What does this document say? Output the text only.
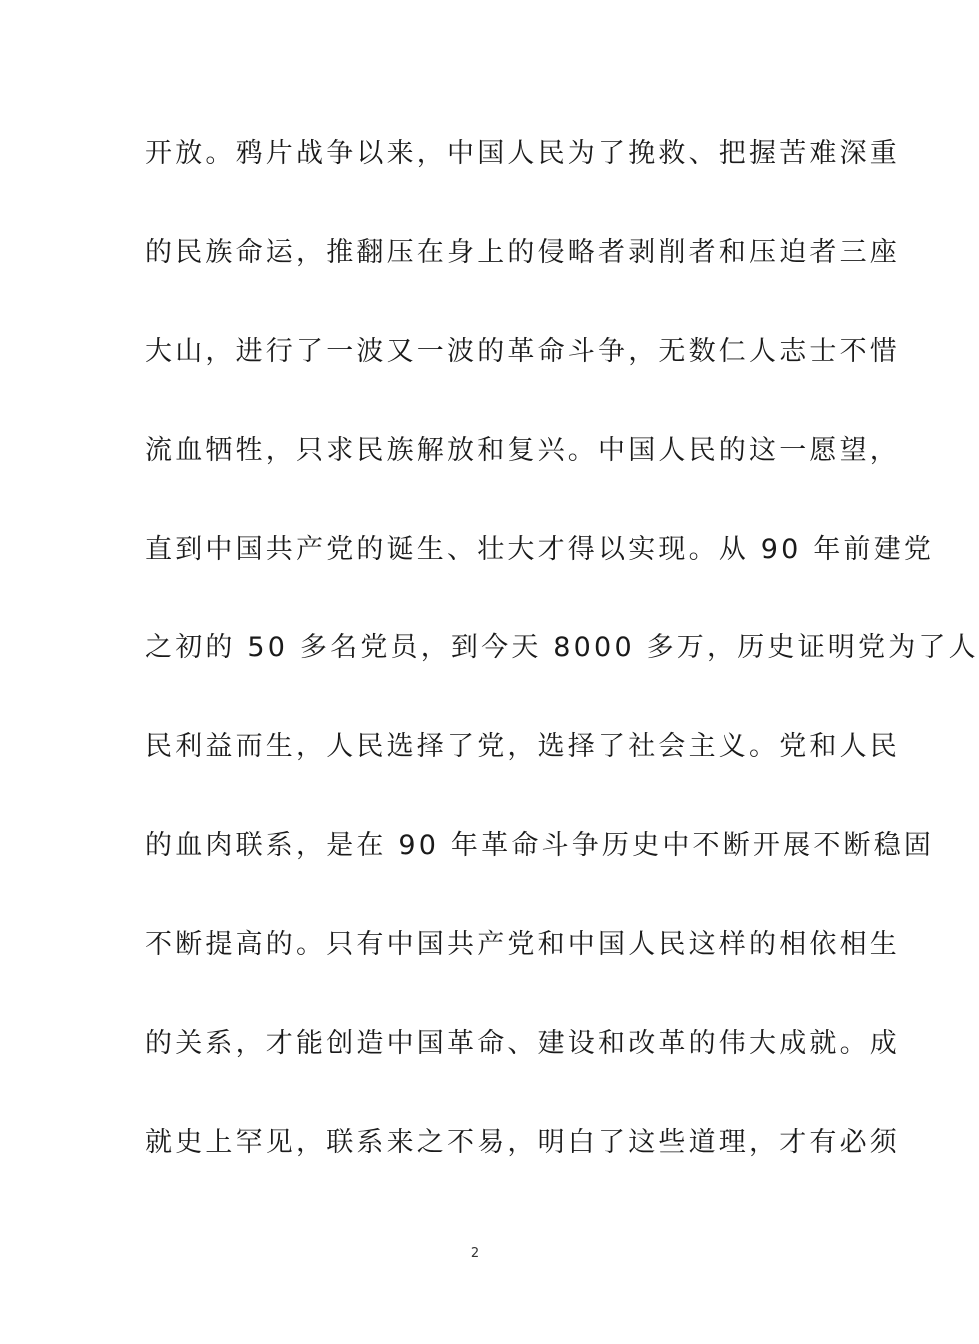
开放。鸦片战争以来，中国人民为了挽救、把握苦难深重
的民族命运，推翻压在身上的侵略者剥削者和压迫者三座
大山，进行了一波又一波的革命斗争，无数仁人志士不惜
流血牺牲，只求民族解放和复兴。中国人民的这一愿望，
直到中国共产党的诞生、壮大才得以实现。从 90 年前建党
之初的 50 多名党员，到今天 8000 多万，历史证明党为了人
民利益而生，人民选择了党，选择了社会主义。党和人民
的血肉联系，是在 90 年革命斗争历史中不断开展不断稳固
不断提高的。只有中国共产党和中国人民这样的相依相生
的关系，才能创造中国革命、建设和改革的伟大成就。成
就史上罕见，联系来之不易，明白了这些道理，才有必须
2
